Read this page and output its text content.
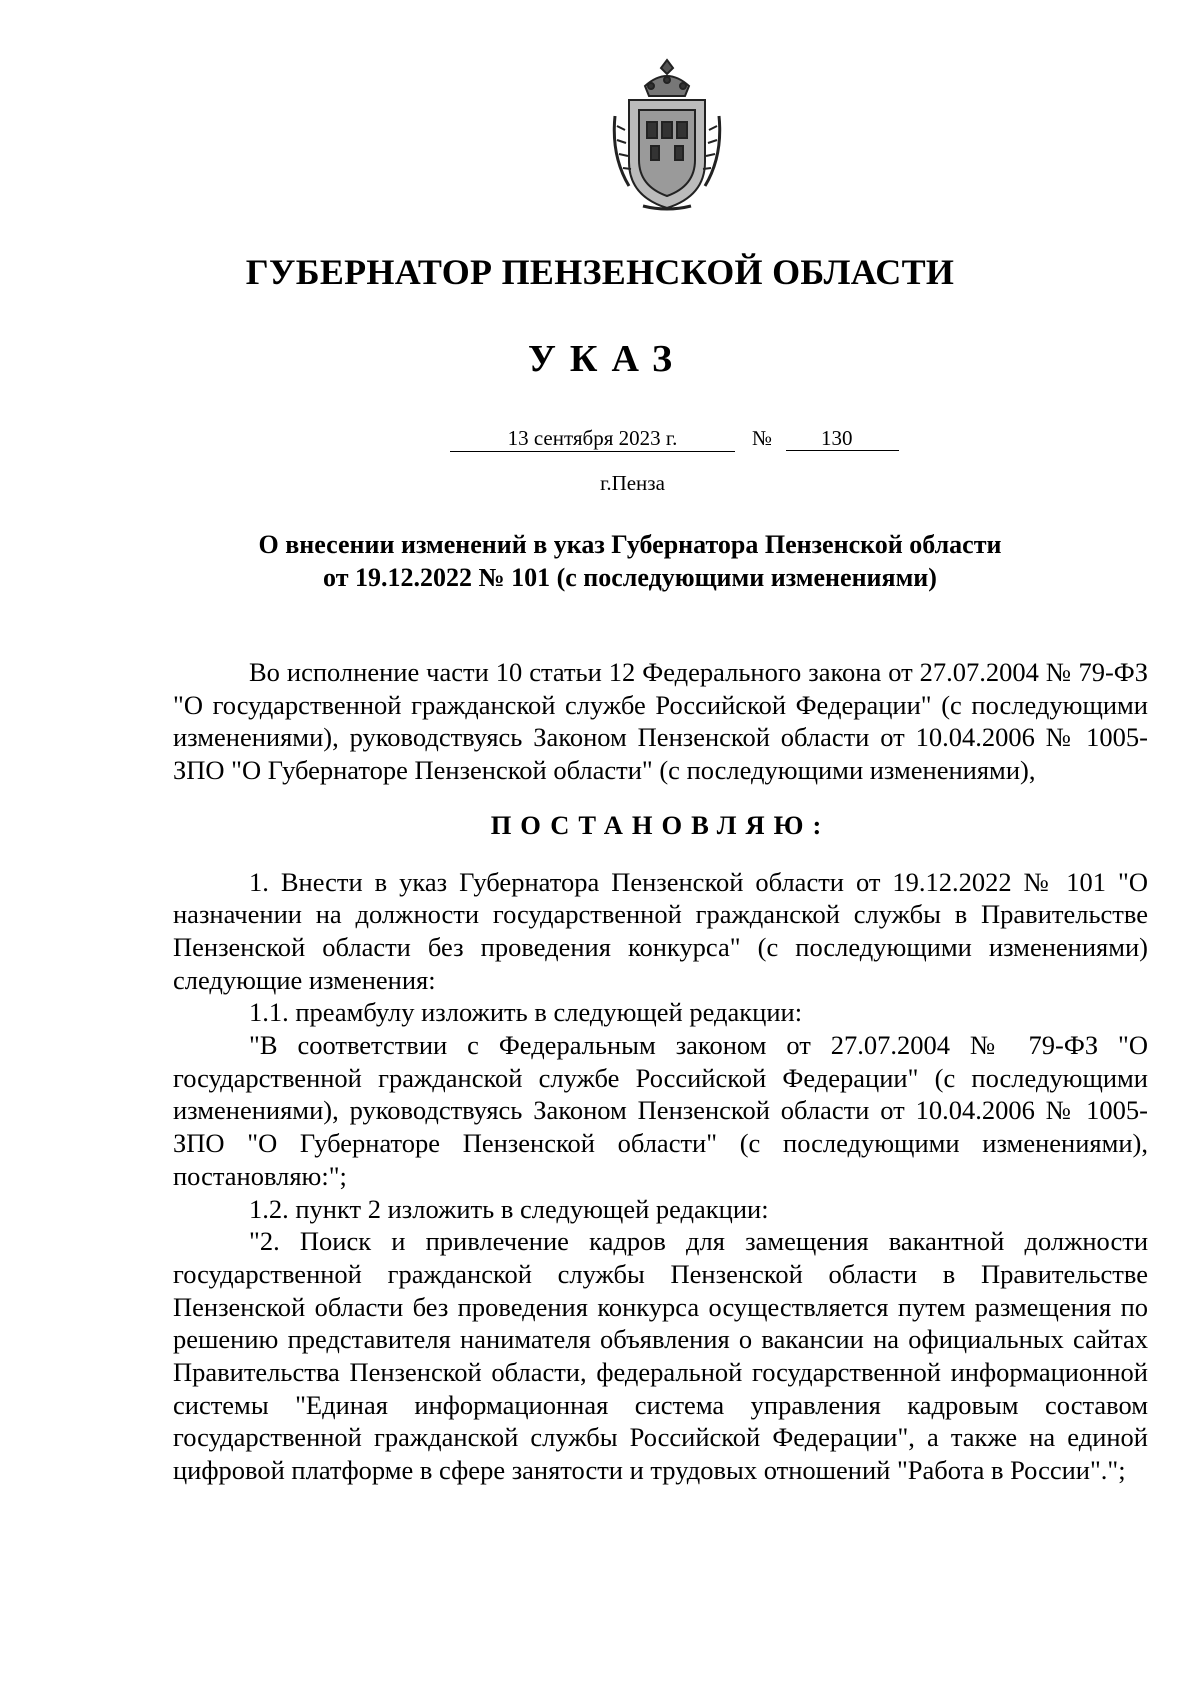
ГУБЕРНАТОР ПЕНЗЕНСКОЙ ОБЛАСТИ
УКАЗ
13 сентября 2023 г.	№	130
г.Пенза
О внесении изменений в указ Губернатора Пензенской области
от 19.12.2022 № 101 (с последующими изменениями)

Во исполнение части 10 статьи 12 Федерального закона от 27.07.2004 № 79-ФЗ "О государственной гражданской службе Российской Федерации" (с последующими изменениями), руководствуясь Законом Пензенской области от 10.04.2006 № 1005-ЗПО "О Губернаторе Пензенской области" (с последующими изменениями),

ПОСТАНОВЛЯЮ:

1. Внести в указ Губернатора Пензенской области от 19.12.2022 № 101 "О назначении на должности государственной гражданской службы в Правительстве Пензенской области без проведения конкурса" (с последующими изменениями) следующие изменения:

1.1. преамбулу изложить в следующей редакции:

"В соответствии с Федеральным законом от 27.07.2004 № 79-ФЗ "О государственной гражданской службе Российской Федерации" (с последующими изменениями), руководствуясь Законом Пензенской области от 10.04.2006 № 1005-ЗПО "О Губернаторе Пензенской области" (с последующими изменениями), постановляю:";

1.2. пункт 2 изложить в следующей редакции:

"2. Поиск и привлечение кадров для замещения вакантной должности государственной гражданской службы Пензенской области в Правительстве Пензенской области без проведения конкурса осуществляется путем размещения по решению представителя нанимателя объявления о вакансии на официальных сайтах Правительства Пензенской области, федеральной государственной информационной системы "Единая информационная система управления кадровым составом государственной гражданской службы Российской Федерации", а также на единой цифровой платформе в сфере занятости и трудовых отношений "Работа в России".";
